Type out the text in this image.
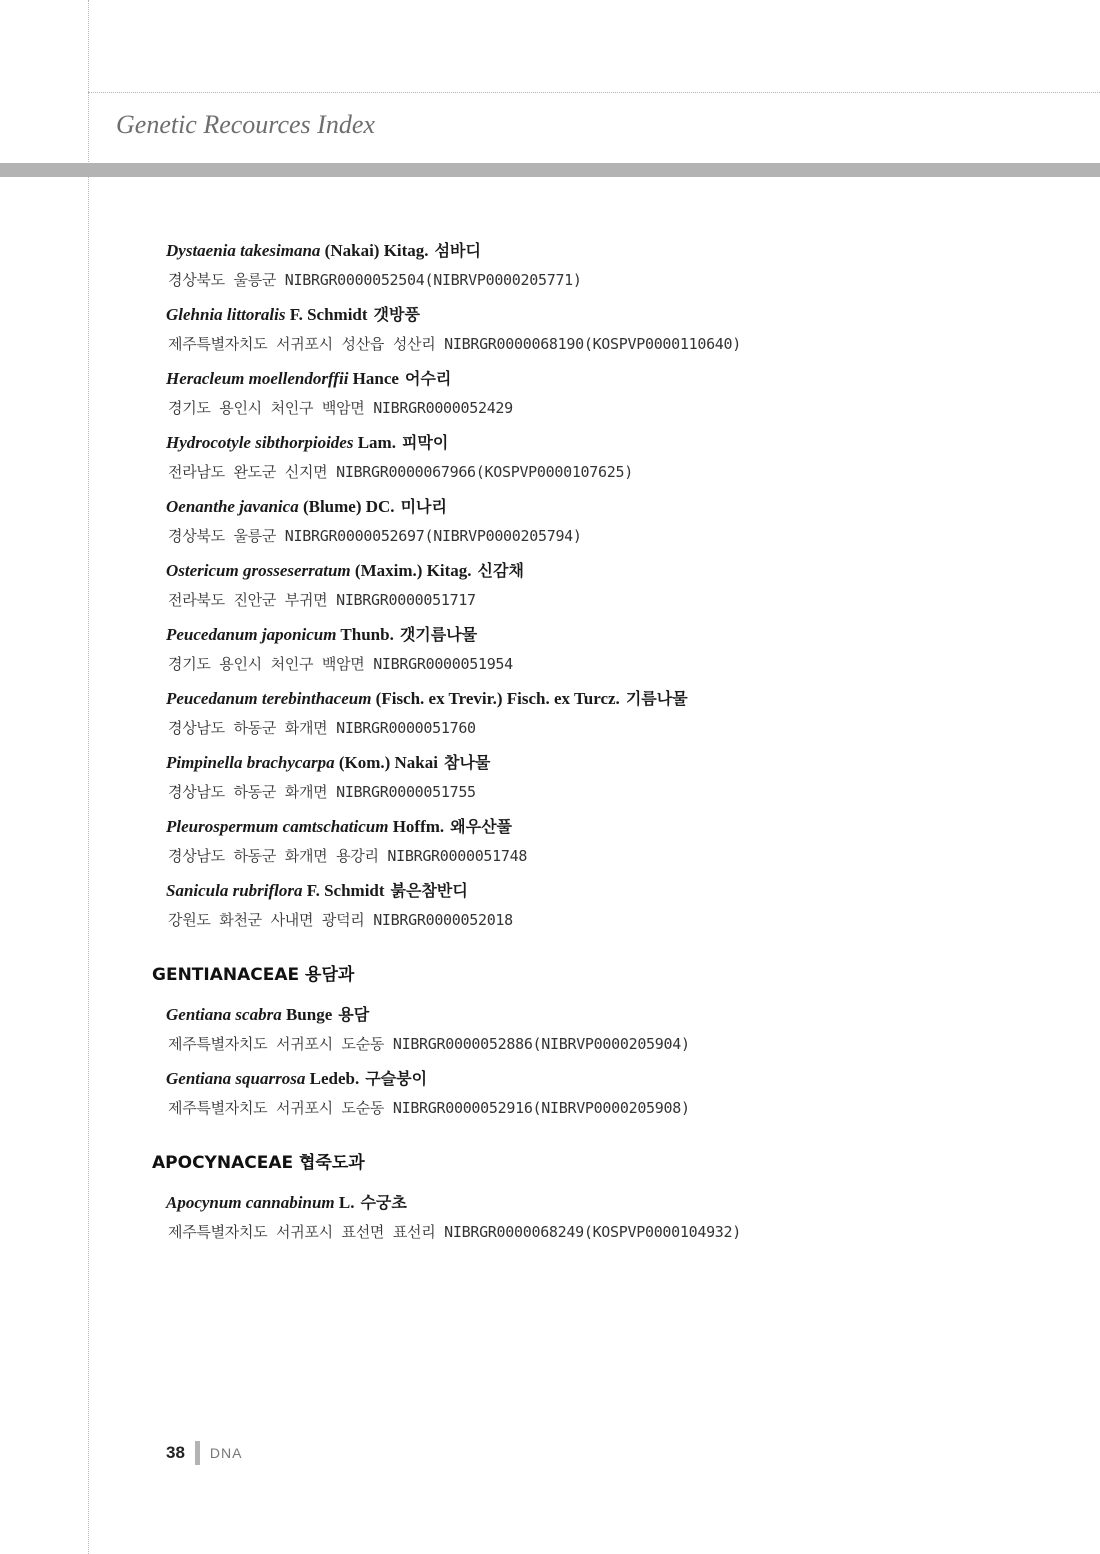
Genetic Recources Index
Dystaenia takesimana (Nakai) Kitag. 섬바디
경상북도 울릉군 NIBRGR0000052504(NIBRVP0000205771)
Glehnia littoralis F. Schmidt 갯방풍
제주특별자치도 서귀포시 성산읍 성산리 NIBRGR0000068190(KOSPVP0000110640)
Heracleum moellendorffii Hance 어수리
경기도 용인시 처인구 백암면 NIBRGR0000052429
Hydrocotyle sibthorpioides Lam. 피막이
전라남도 완도군 신지면 NIBRGR0000067966(KOSPVP0000107625)
Oenanthe javanica (Blume) DC. 미나리
경상북도 울릉군 NIBRGR0000052697(NIBRVP0000205794)
Ostericum grosseserratum (Maxim.) Kitag. 신감채
전라북도 진안군 부귀면 NIBRGR0000051717
Peucedanum japonicum Thunb. 갯기름나물
경기도 용인시 처인구 백암면 NIBRGR0000051954
Peucedanum terebinthaceum (Fisch. ex Trevir.) Fisch. ex Turcz. 기름나물
경상남도 하동군 화개면 NIBRGR0000051760
Pimpinella brachycarpa (Kom.) Nakai 참나물
경상남도 하동군 화개면 NIBRGR0000051755
Pleurospermum camtschaticum Hoffm. 왜우산풀
경상남도 하동군 화개면 용강리 NIBRGR0000051748
Sanicula rubriflora F. Schmidt 붉은참반디
강원도 화천군 사내면 광덕리 NIBRGR0000052018
GENTIANACEAE 용담과
Gentiana scabra Bunge 용담
제주특별자치도 서귀포시 도순동 NIBRGR0000052886(NIBRVP0000205904)
Gentiana squarrosa Ledeb. 구슬붕이
제주특별자치도 서귀포시 도순동 NIBRGR0000052916(NIBRVP0000205908)
APOCYNACEAE 협죽도과
Apocynum cannabinum L. 수궁초
제주특별자치도 서귀포시 표선면 표선리 NIBRGR0000068249(KOSPVP0000104932)
38 DNA
